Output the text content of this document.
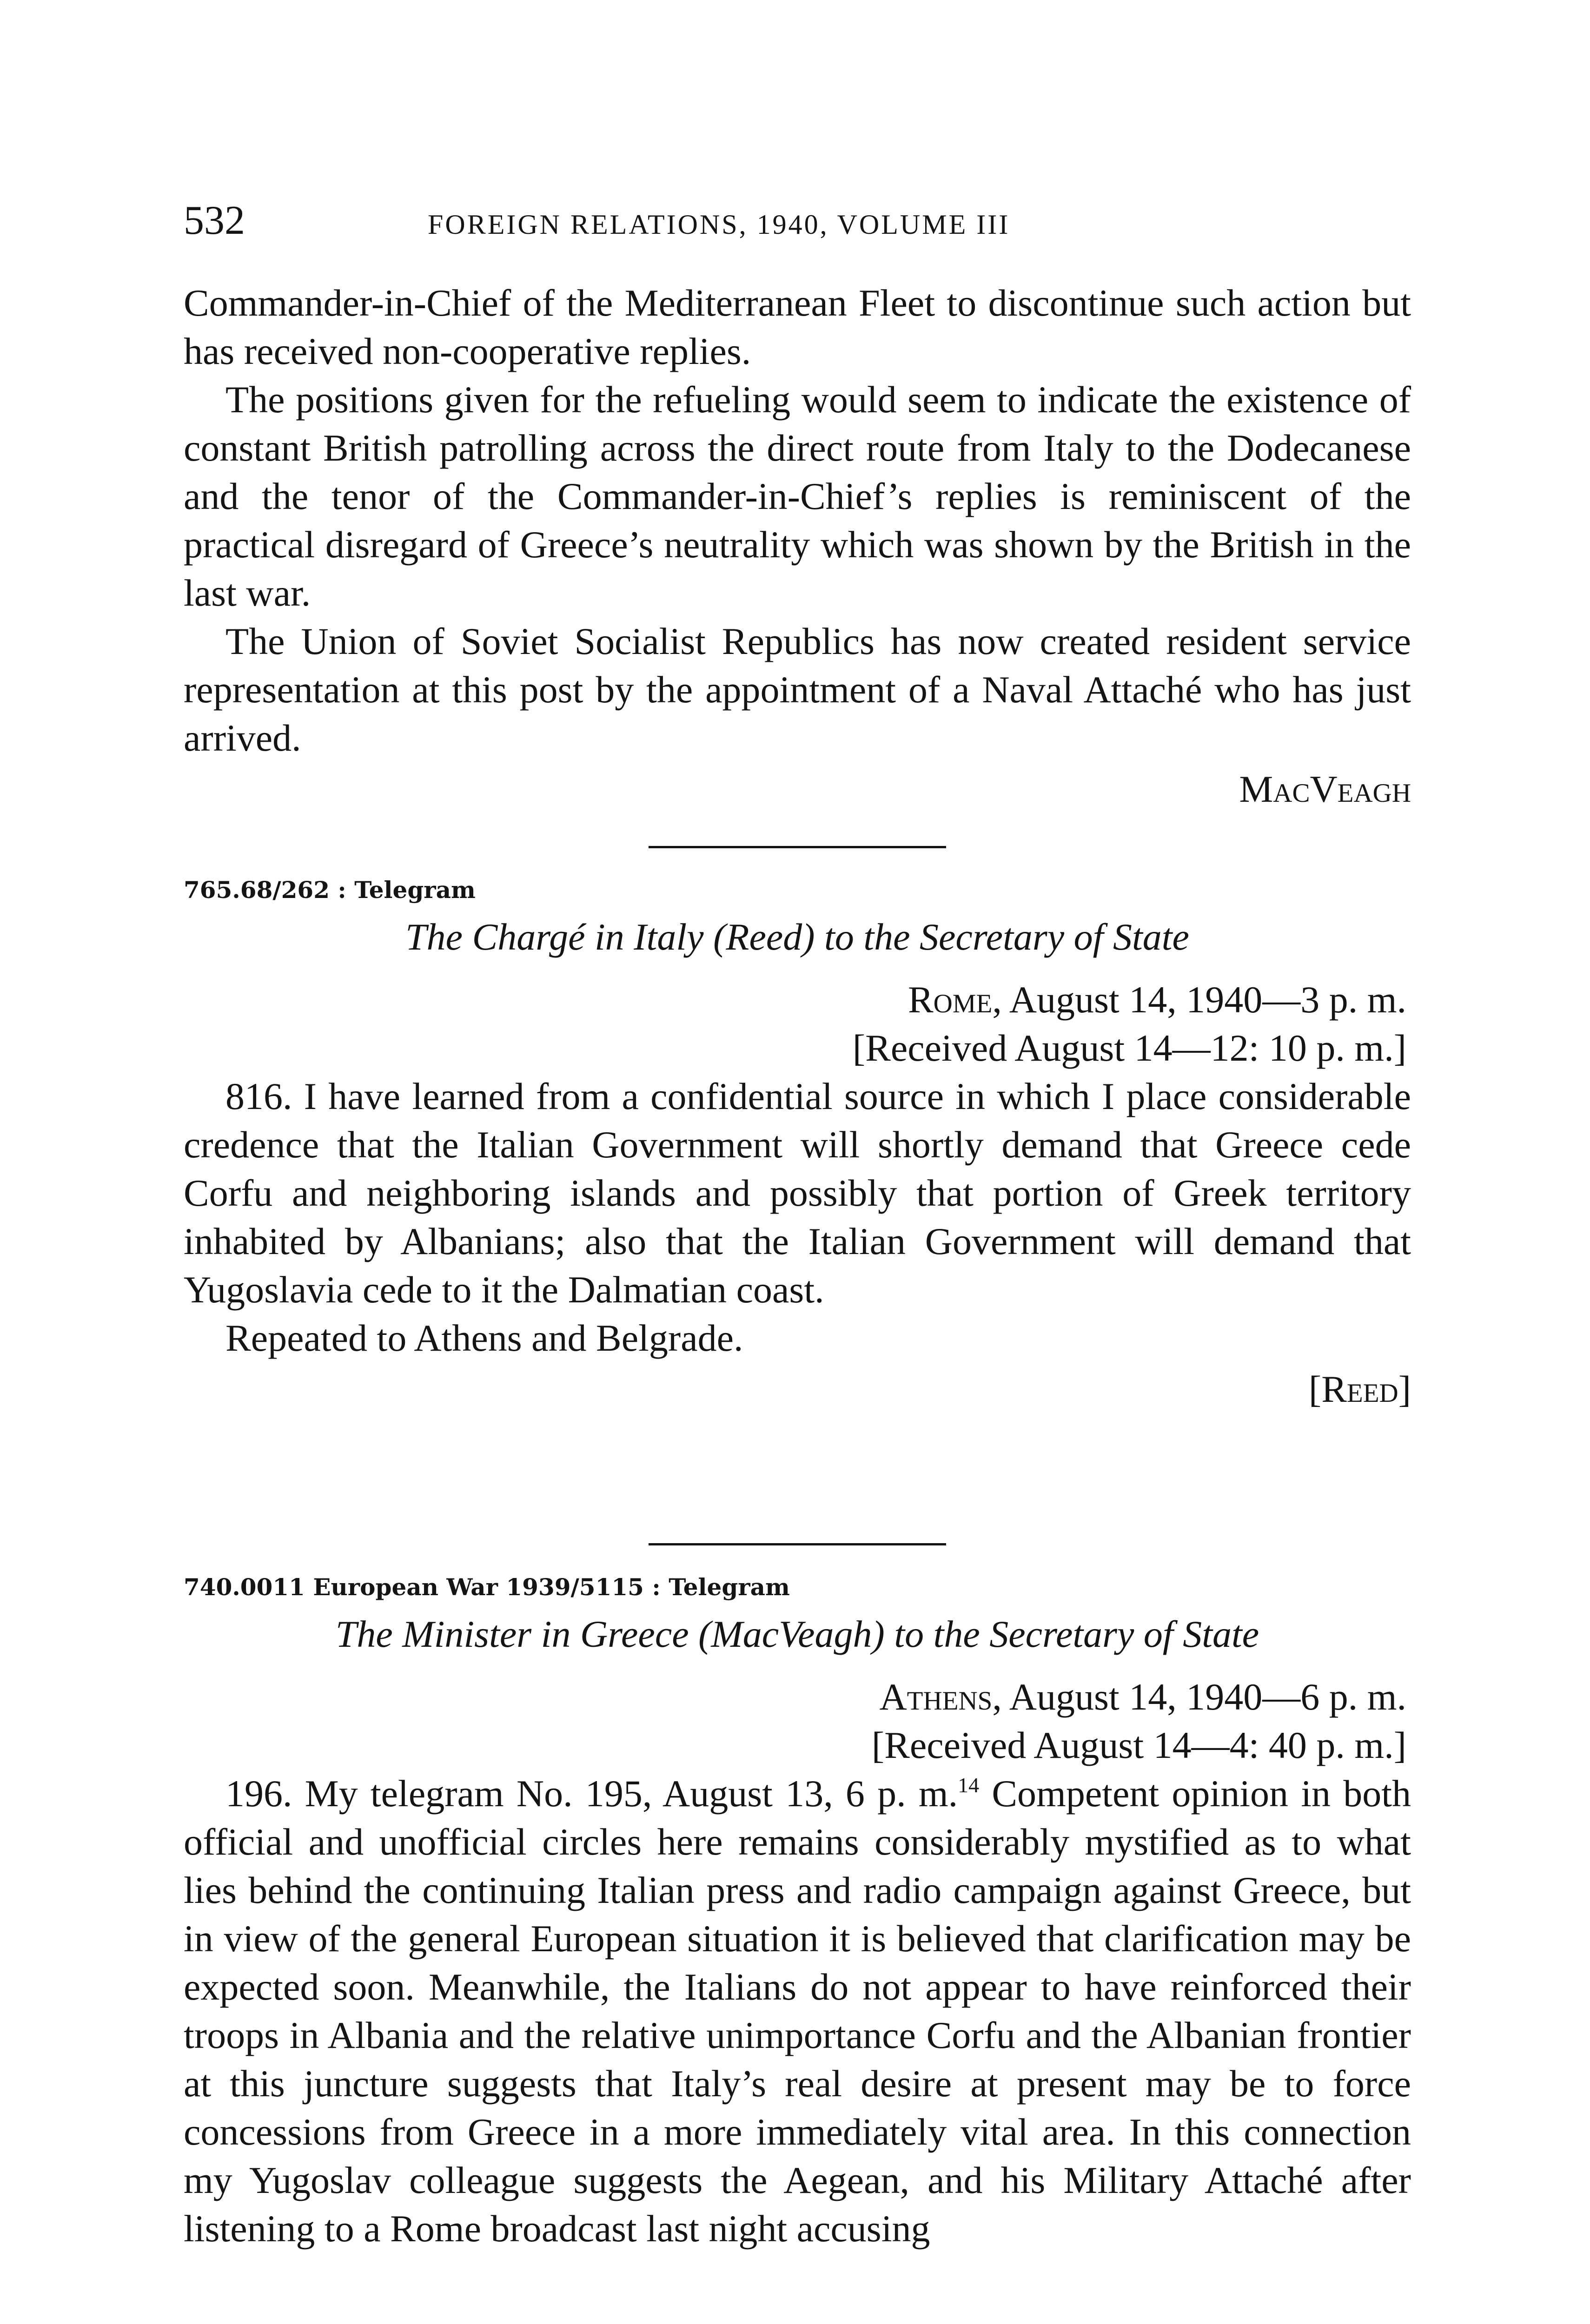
532	FOREIGN RELATIONS, 1940, VOLUME III

Commander-in-Chief of the Mediterranean Fleet to discontinue such action but has received non-cooperative replies.

The positions given for the refueling would seem to indicate the existence of constant British patrolling across the direct route from Italy to the Dodecanese and the tenor of the Commander-in-Chief’s replies is reminiscent of the practical disregard of Greece’s neutrality which was shown by the British in the last war.

The Union of Soviet Socialist Republics has now created resident service representation at this post by the appointment of a Naval Attaché who has just arrived.

MacVeagh

765.68/262 : Telegram

The Chargé in Italy (Reed) to the Secretary of State

Rome, August 14, 1940—3 p. m.

[Received August 14—12: 10 p. m.]

816. I have learned from a confidential source in which I place considerable credence that the Italian Government will shortly demand that Greece cede Corfu and neighboring islands and possibly that portion of Greek territory inhabited by Albanians; also that the Italian Government will demand that Yugoslavia cede to it the Dalmatian coast.

Repeated to Athens and Belgrade.

[Reed]

740.0011 European War 1939/5115 : Telegram

The Minister in Greece (MacVeagh) to the Secretary of State

Athens, August 14, 1940—6 p. m.

[Received August 14—4: 40 p. m.]

196. My telegram No. 195, August 13, 6 p. m.$^{14}$ Competent opinion in both official and unofficial circles here remains considerably mystified as to what lies behind the continuing Italian press and radio campaign against Greece, but in view of the general European situation it is believed that clarification may be expected soon. Meanwhile, the Italians do not appear to have reinforced their troops in Albania and the relative unimportance Corfu and the Albanian frontier at this juncture suggests that Italy’s real desire at present may be to force concessions from Greece in a more immediately vital area. In this connection my Yugoslav colleague suggests the Aegean, and his Military Attaché after listening to a Rome broadcast last night accusing
